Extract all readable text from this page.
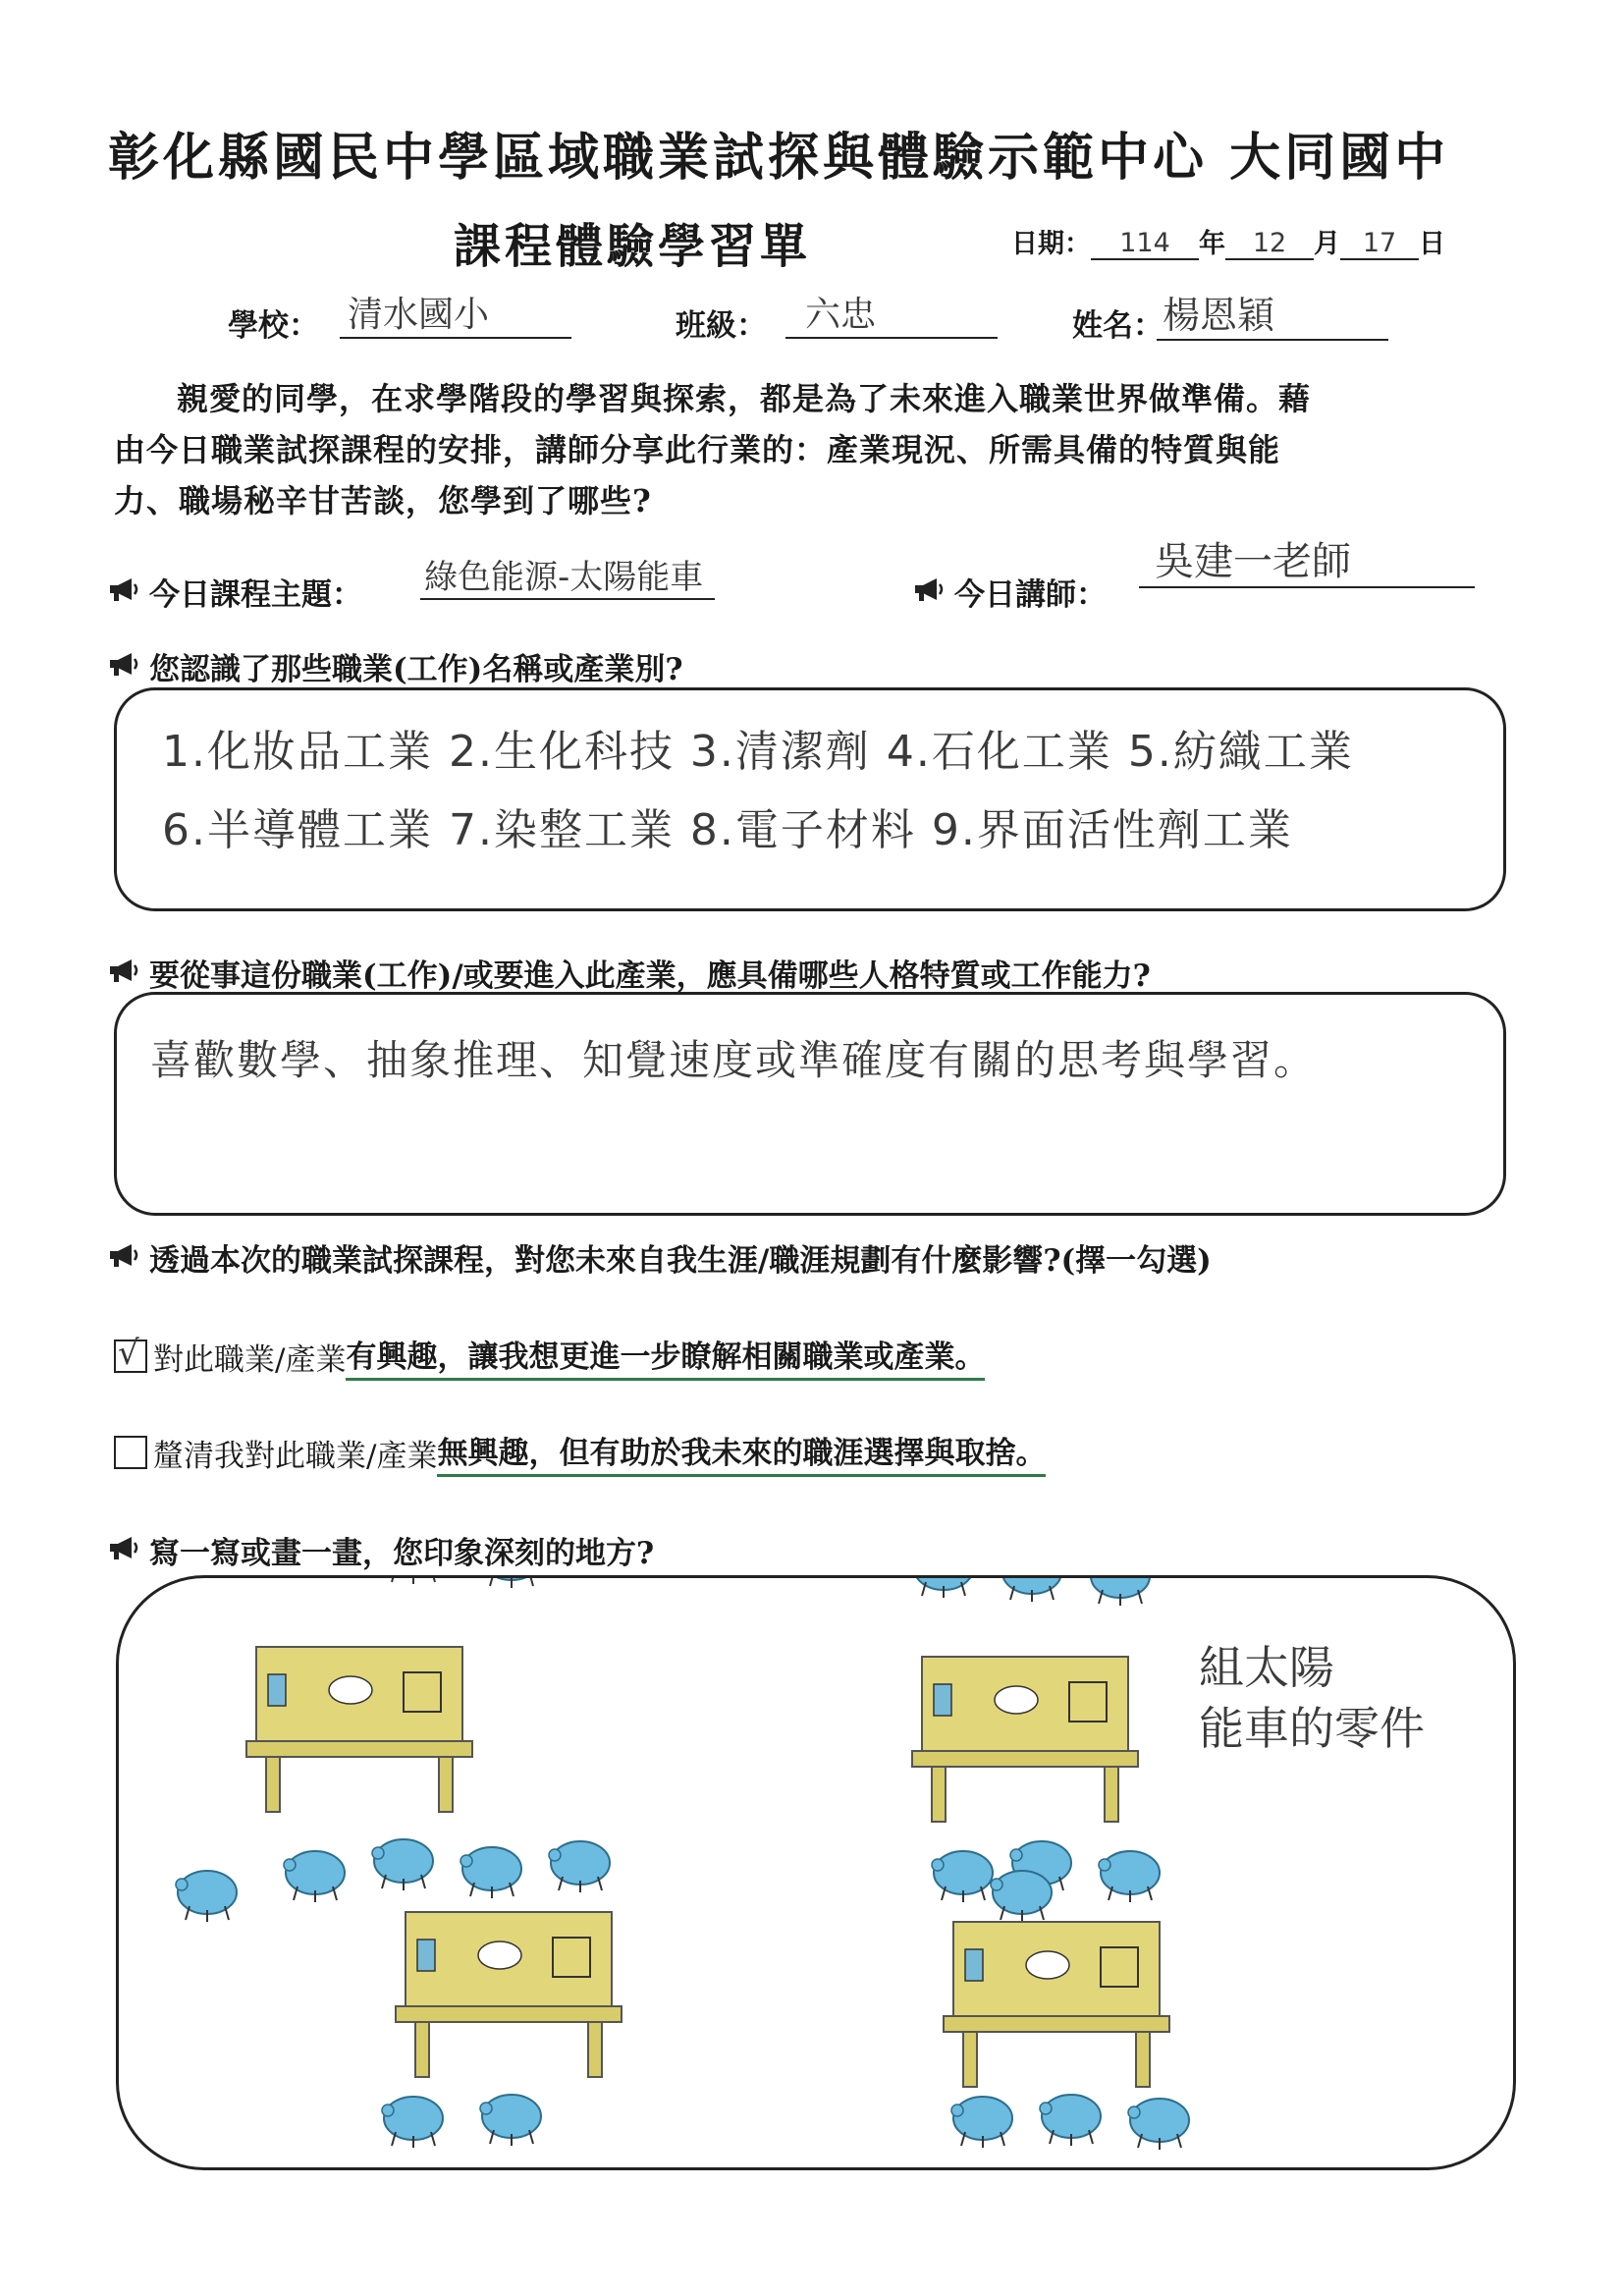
彰化縣國民中學區域職業試探與體驗示範中心 大同國中
課程體驗學習單	日期： 114 年 12 月 17 日
學校： 清水國小	班級：	六忠	姓名： 楊恩穎

親愛的同學，在求學階段的學習與探索，都是為了未來進入職業世界做準備。藉

由今日職業試探課程的安排，講師分享此行業的：產業現況、所需具備的特質與能

力、職場秘辛甘苦談，您學到了哪些?

今日課程主題： 綠色能源-太陽能車	今日講師：
吳建一老師
您認識了那些職業(工作)名稱或產業別?
1.化妝品工業 2.生化科技 3.清潔劑 4.石化工業 5.紡織工業
6.半導體工業 7.染整工業 8.電子材料 9.界面活性劑工業
要從事這份職業(工作)/或要進入此產業，應具備哪些人格特質或工作能力?
喜歡數學、抽象推理、知覺速度或準確度有關的思考與學習。
透過本次的職業試探課程，對您未來自我生涯/職涯規劃有什麼影響?(擇一勾選)
√ 對此職業/產業 有興趣，讓我想更進一步瞭解相關職業或產業。
釐清我對此職業/產業 無興趣，但有助於我未來的職涯選擇與取捨。
寫一寫或畫一畫，您印象深刻的地方?
組太陽
能車的零件
